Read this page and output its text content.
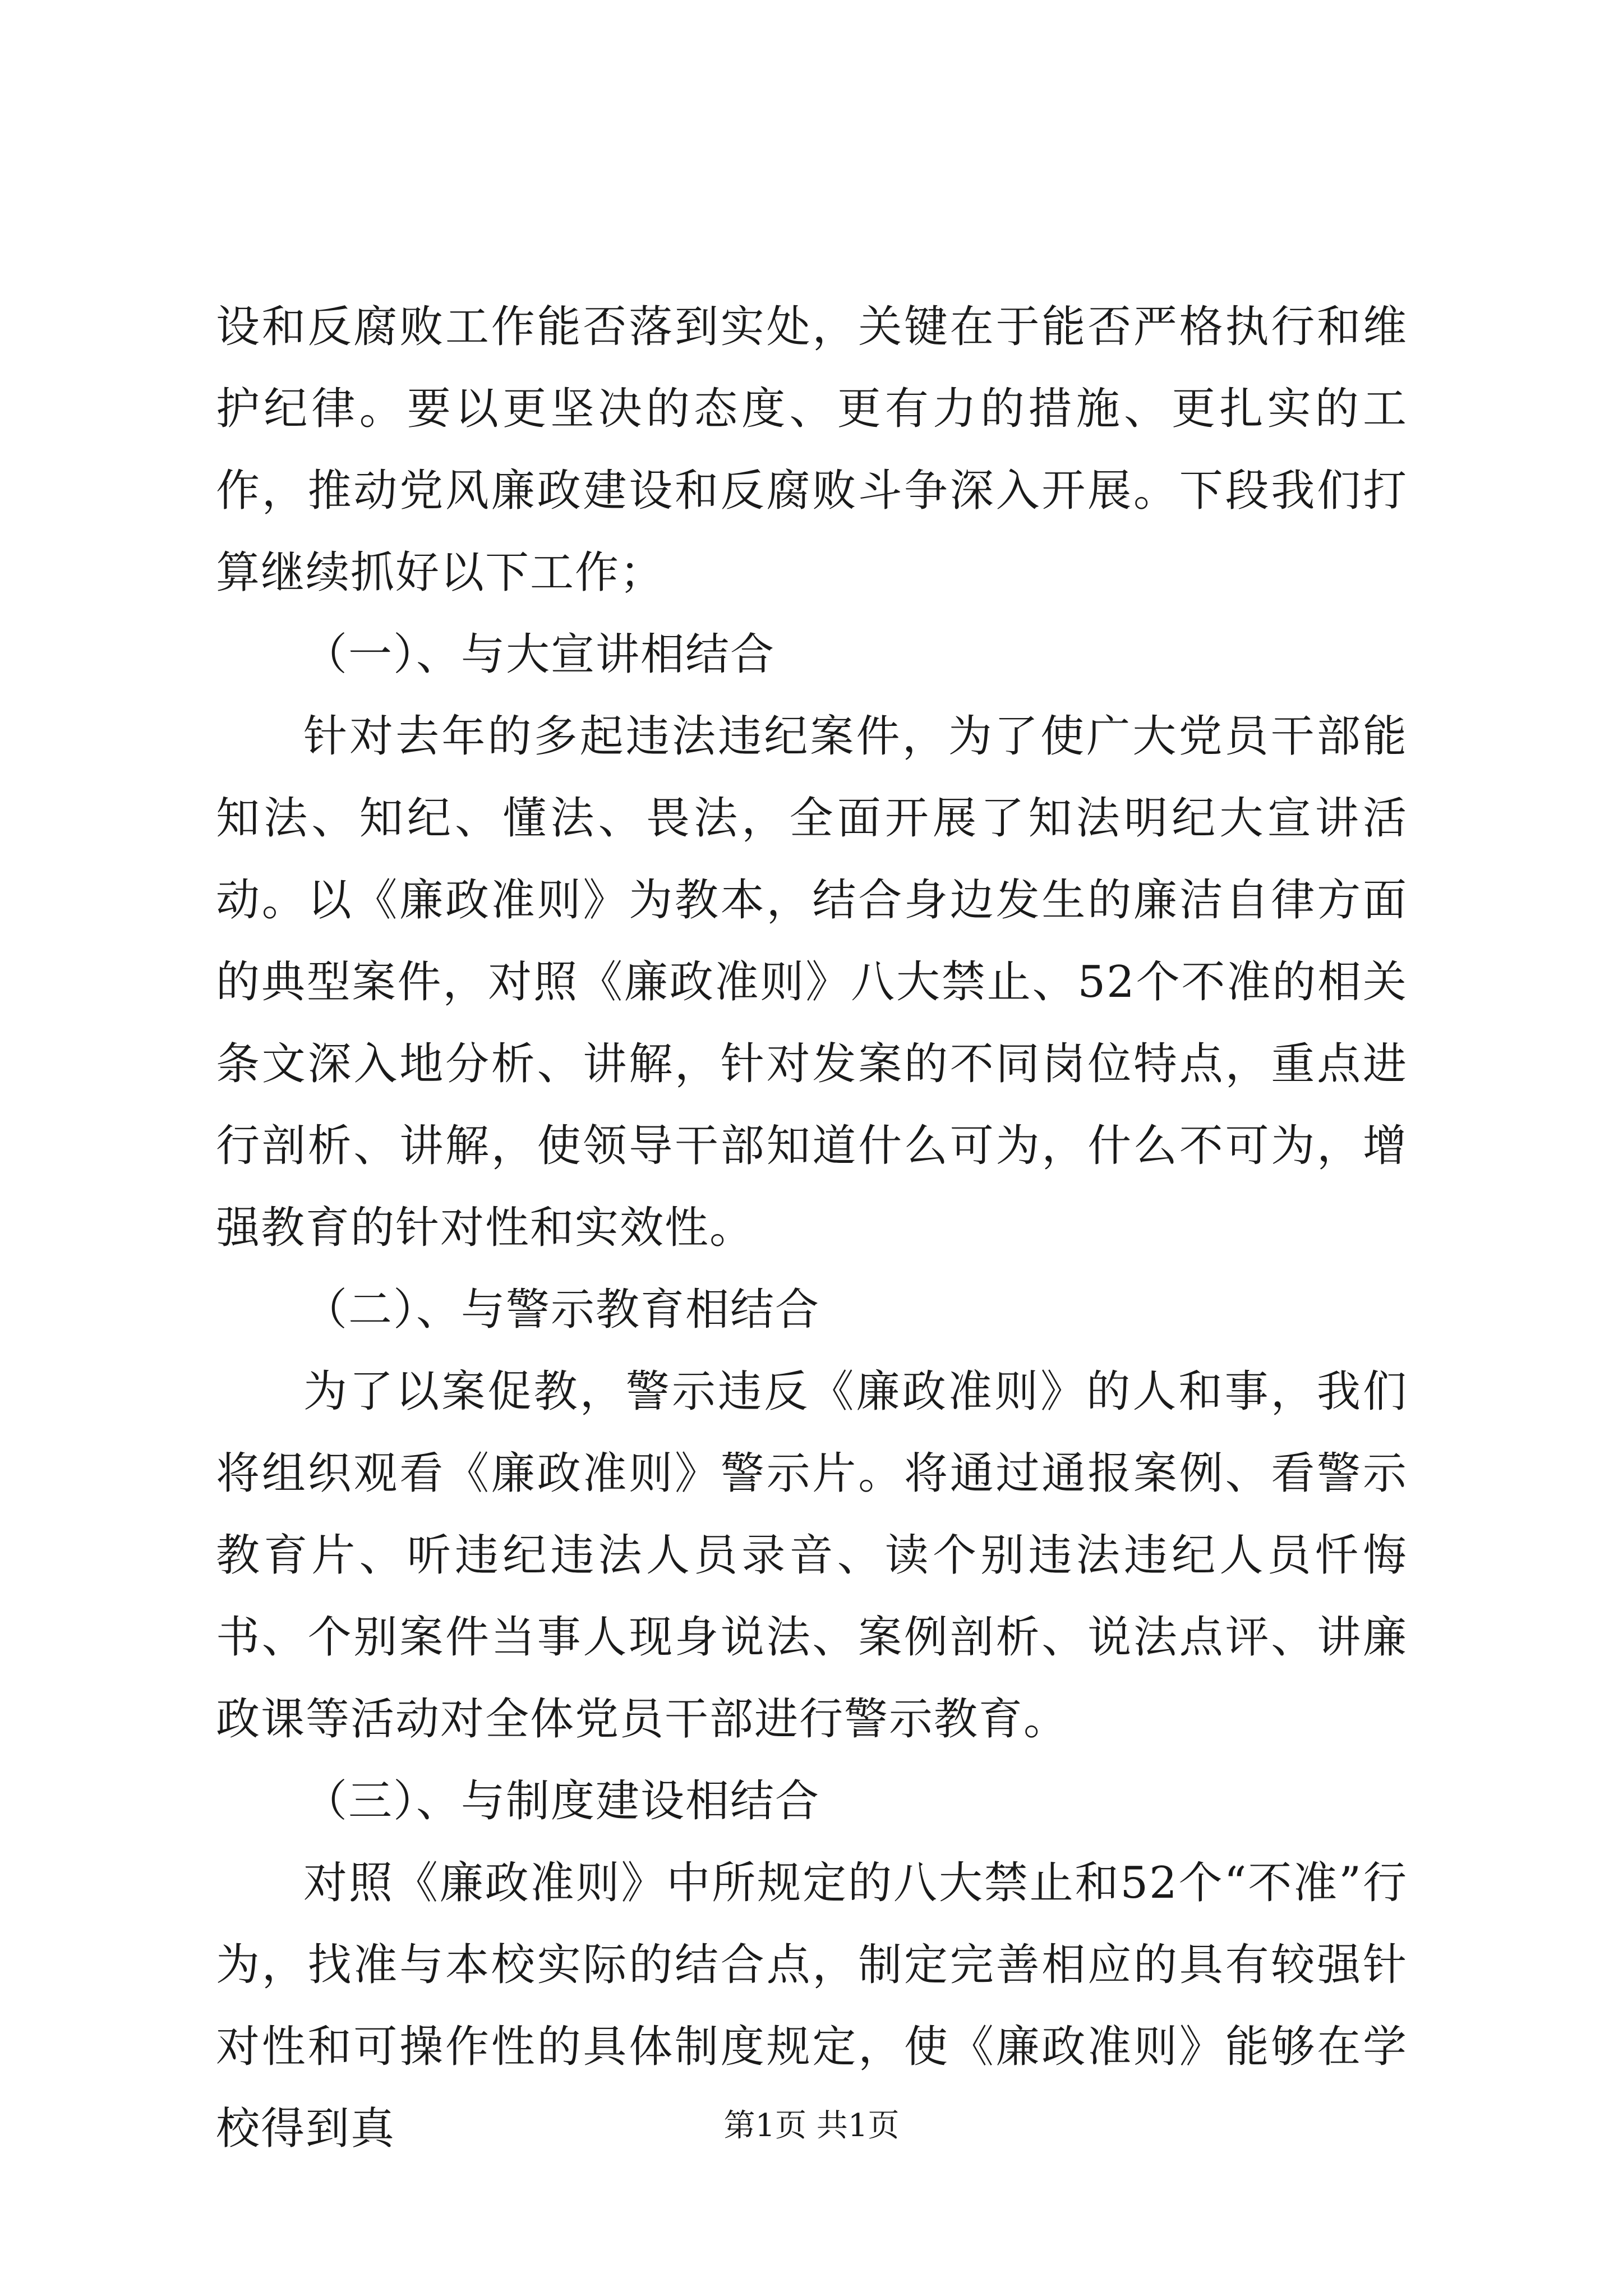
设和反腐败工作能否落到实处，关键在于能否严格执行和维护纪律。要以更坚决的态度、更有力的措施、更扎实的工作，推动党风廉政建设和反腐败斗争深入开展。下段我们打算继续抓好以下工作；

（一）、与大宣讲相结合

针对去年的多起违法违纪案件，为了使广大党员干部能知法、知纪、懂法、畏法，全面开展了知法明纪大宣讲活动。以《廉政准则》为教本，结合身边发生的廉洁自律方面的典型案件，对照《廉政准则》八大禁止、52个不准的相关条文深入地分析、讲解，针对发案的不同岗位特点，重点进行剖析、讲解，使领导干部知道什么可为，什么不可为，增强教育的针对性和实效性。

（二）、与警示教育相结合

为了以案促教，警示违反《廉政准则》的人和事，我们将组织观看《廉政准则》警示片。将通过通报案例、看警示教育片、听违纪违法人员录音、读个别违法违纪人员忏悔书、个别案件当事人现身说法、案例剖析、说法点评、讲廉政课等活动对全体党员干部进行警示教育。

（三）、与制度建设相结合

对照《廉政准则》中所规定的八大禁止和52个“不准”行为，找准与本校实际的结合点，制定完善相应的具有较强针对性和可操作性的具体制度规定，使《廉政准则》能够在学校得到真	第1页 共1页
